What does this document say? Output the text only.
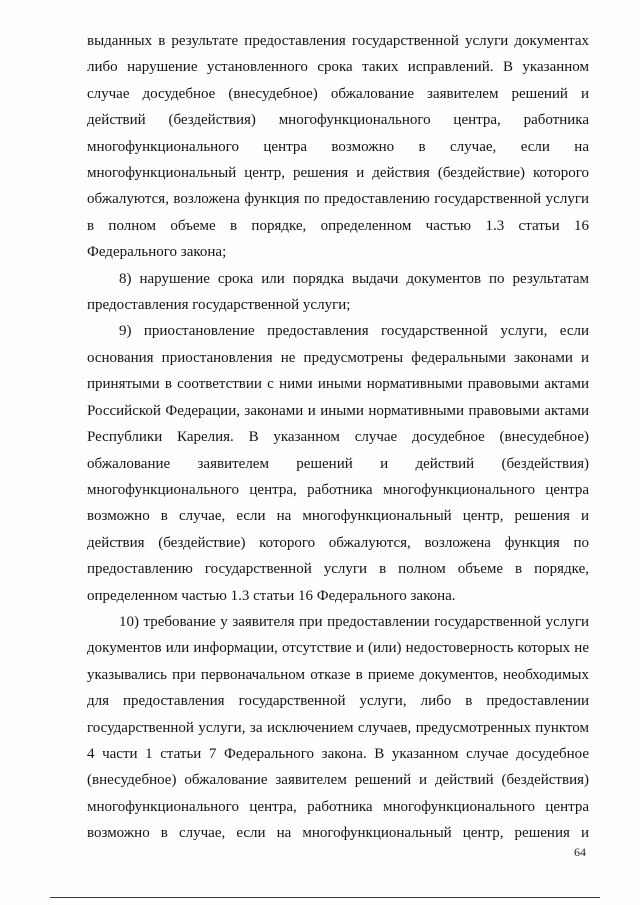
выданных в результате предоставления государственной услуги документах
либо нарушение установленного срока таких исправлений. В указанном
случае досудебное (внесудебное) обжалование заявителем решений и
действий (бездействия) многофункционального центра, работника
многофункционального центра возможно в случае, если на
многофункциональный центр, решения и действия (бездействие) которого
обжалуются, возложена функция по предоставлению государственной услуги
в полном объеме в порядке, определенном частью 1.3 статьи 16
Федерального закона;
8) нарушение срока или порядка выдачи документов по результатам
предоставления государственной услуги;
9) приостановление предоставления государственной услуги, если
основания приостановления не предусмотрены федеральными законами и
принятыми в соответствии с ними иными нормативными правовыми актами
Российской Федерации, законами и иными нормативными правовыми актами
Республики Карелия. В указанном случае досудебное (внесудебное)
обжалование заявителем решений и действий (бездействия)
многофункционального центра, работника многофункционального центра
возможно в случае, если на многофункциональный центр, решения и
действия (бездействие) которого обжалуются, возложена функция по
предоставлению государственной услуги в полном объеме в порядке,
определенном частью 1.3 статьи 16 Федерального закона.
10) требование у заявителя при предоставлении государственной услуги
документов или информации, отсутствие и (или) недостоверность которых не
указывались при первоначальном отказе в приеме документов, необходимых
для предоставления государственной услуги, либо в предоставлении
государственной услуги, за исключением случаев, предусмотренных пунктом
4 части 1 статьи 7 Федерального закона. В указанном случае досудебное
(внесудебное) обжалование заявителем решений и действий (бездействия)
многофункционального центра, работника многофункционального центра
возможно в случае, если на многофункциональный центр, решения и
64
